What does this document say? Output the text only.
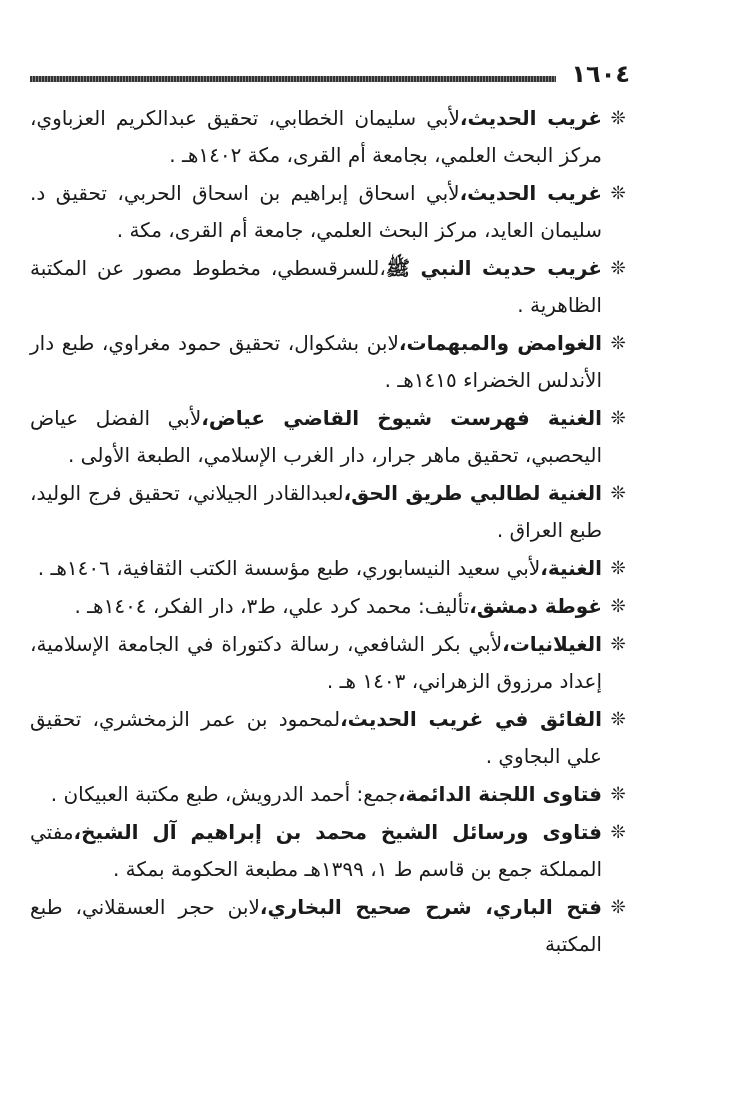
١٦٠٤
❊
غريب الحديث،لأبي سليمان الخطابي، تحقيق عبدالكريم العزباوي، مركز البحث العلمي، بجامعة أم القرى، مكة ١٤٠٢هـ .
❊
غريب الحديث،لأبي اسحاق إبراهيم بن اسحاق الحربي، تحقيق د. سليمان العايد، مركز البحث العلمي، جامعة أم القرى، مكة .
❊
غريب حديث النبي ﷺ،للسرقسطي، مخطوط مصور عن المكتبة الظاهرية .
❊
الغوامض والمبهمات،لابن بشكوال، تحقيق حمود مغراوي، طبع دار الأندلس الخضراء ١٤١٥هـ .
❊
الغنية فهرست شيوخ القاضي عياض،لأبي الفضل عياض اليحصبي، تحقيق ماهر جرار، دار الغرب الإسلامي، الطبعة الأولى .
❊
الغنية لطالبي طريق الحق،لعبدالقادر الجيلاني، تحقيق فرج الوليد، طبع العراق .
❊
الغنية،لأبي سعيد النيسابوري، طبع مؤسسة الكتب الثقافية، ١٤٠٦هـ .
❊
غوطة دمشق،تأليف: محمد كرد علي، ط٣، دار الفكر، ١٤٠٤هـ .
❊
الغيلانيات،لأبي بكر الشافعي، رسالة دكتوراة في الجامعة الإسلامية، إعداد مرزوق الزهراني، ١٤٠٣ هـ .
❊
الفائق في غريب الحديث،لمحمود بن عمر الزمخشري، تحقيق علي البجاوي .
❊
فتاوى اللجنة الدائمة،جمع: أحمد الدرويش، طبع مكتبة العبيكان .
❊
فتاوى ورسائل الشيخ محمد بن إبراهيم آل الشيخ،مفتي المملكة جمع بن قاسم ط ١، ١٣٩٩هـ مطبعة الحكومة بمكة .
❊
فتح الباري، شرح صحيح البخاري،لابن حجر العسقلاني، طبع المكتبة
